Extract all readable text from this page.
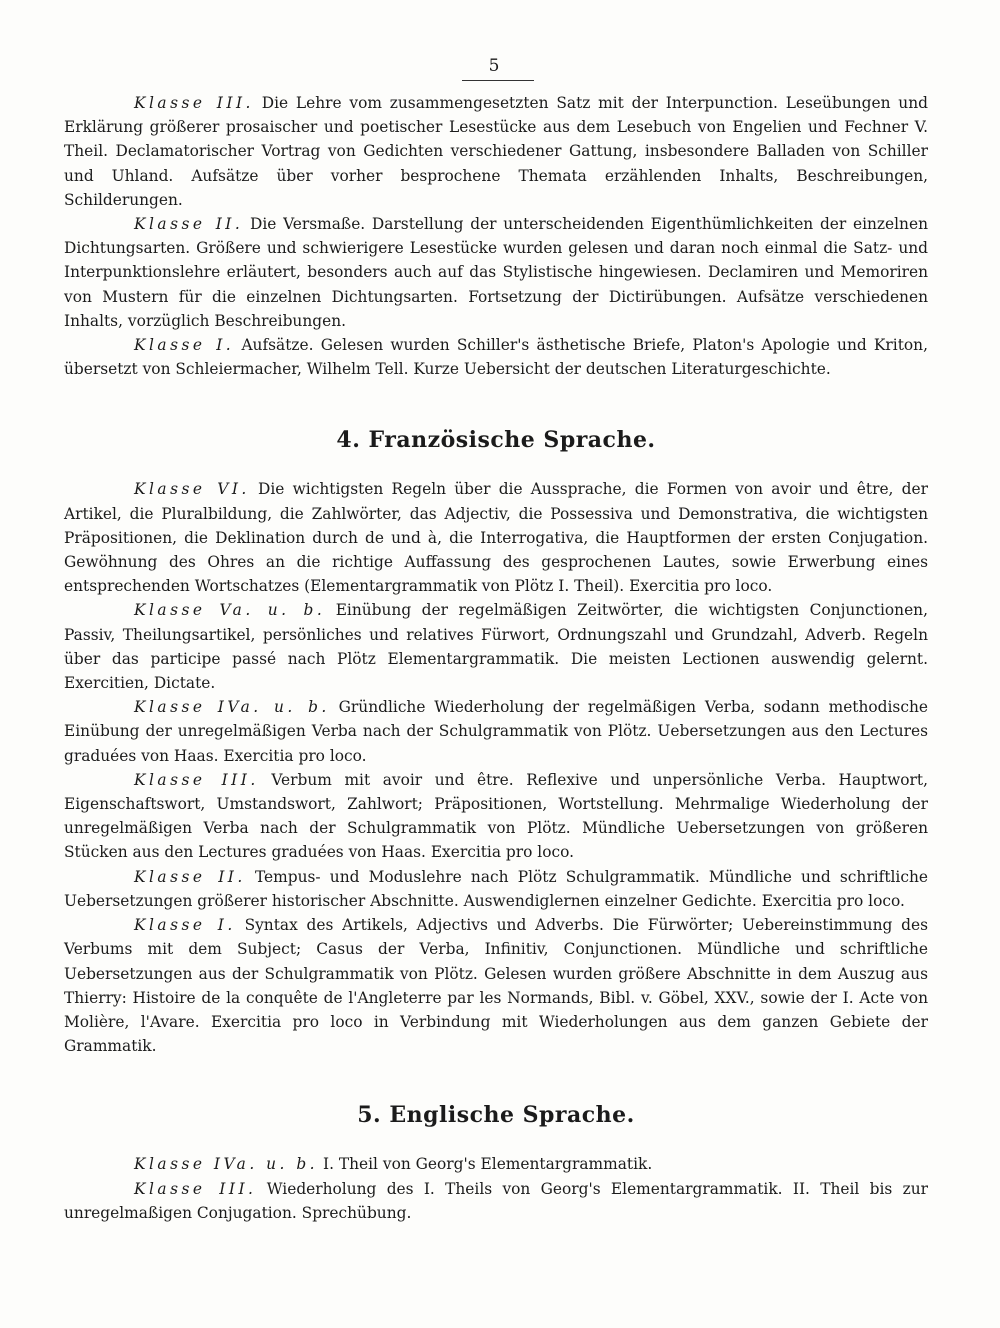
5

Klasse III. Die Lehre vom zusammengesetzten Satz mit der Interpunction. Leseübungen und Erklärung größerer prosaischer und poetischer Lesestücke aus dem Lesebuch von Engelien und Fechner V. Theil. Declamatorischer Vortrag von Gedichten verschiedener Gattung, insbesondere Balladen von Schiller und Uhland. Aufsätze über vorher besprochene Themata erzählenden Inhalts, Beschreibungen, Schilderungen.

Klasse II. Die Versmaße. Darstellung der unterscheidenden Eigenthümlichkeiten der einzelnen Dichtungsarten. Größere und schwierigere Lesestücke wurden gelesen und daran noch einmal die Satz- und Interpunktionslehre erläutert, besonders auch auf das Stylistische hingewiesen. Declamiren und Memoriren von Mustern für die einzelnen Dichtungsarten. Fortsetzung der Dictirübungen. Aufsätze verschiedenen Inhalts, vorzüglich Beschreibungen.

Klasse I. Aufsätze. Gelesen wurden Schiller's ästhetische Briefe, Platon's Apologie und Kriton, übersetzt von Schleiermacher, Wilhelm Tell. Kurze Uebersicht der deutschen Literaturgeschichte.

4. Französische Sprache.

Klasse VI. Die wichtigsten Regeln über die Aussprache, die Formen von avoir und être, der Artikel, die Pluralbildung, die Zahlwörter, das Adjectiv, die Possessiva und Demonstrativa, die wichtigsten Präpositionen, die Deklination durch de und à, die Interrogativa, die Hauptformen der ersten Conjugation. Gewöhnung des Ohres an die richtige Auffassung des gesprochenen Lautes, sowie Erwerbung eines entsprechenden Wortschatzes (Elementargrammatik von Plötz I. Theil). Exercitia pro loco.

Klasse Va. u. b. Einübung der regelmäßigen Zeitwörter, die wichtigsten Conjunctionen, Passiv, Theilungsartikel, persönliches und relatives Fürwort, Ordnungszahl und Grundzahl, Adverb. Regeln über das participe passé nach Plötz Elementargrammatik. Die meisten Lectionen auswendig gelernt. Exercitien, Dictate.

Klasse IVa. u. b. Gründliche Wiederholung der regelmäßigen Verba, sodann methodische Einübung der unregelmäßigen Verba nach der Schulgrammatik von Plötz. Uebersetzungen aus den Lectures graduées von Haas. Exercitia pro loco.

Klasse III. Verbum mit avoir und être. Reflexive und unpersönliche Verba. Hauptwort, Eigenschaftswort, Umstandswort, Zahlwort; Präpositionen, Wortstellung. Mehrmalige Wiederholung der unregelmäßigen Verba nach der Schulgrammatik von Plötz. Mündliche Uebersetzungen von größeren Stücken aus den Lectures graduées von Haas. Exercitia pro loco.

Klasse II. Tempus- und Moduslehre nach Plötz Schulgrammatik. Mündliche und schriftliche Uebersetzungen größerer historischer Abschnitte. Auswendiglernen einzelner Gedichte. Exercitia pro loco.

Klasse I. Syntax des Artikels, Adjectivs und Adverbs. Die Fürwörter; Uebereinstimmung des Verbums mit dem Subject; Casus der Verba, Infinitiv, Conjunctionen. Mündliche und schriftliche Uebersetzungen aus der Schulgrammatik von Plötz. Gelesen wurden größere Abschnitte in dem Auszug aus Thierry: Histoire de la conquête de l'Angleterre par les Normands, Bibl. v. Göbel, XXV., sowie der I. Acte von Molière, l'Avare. Exercitia pro loco in Verbindung mit Wiederholungen aus dem ganzen Gebiete der Grammatik.

5. Englische Sprache.

Klasse IVa. u. b. I. Theil von Georg's Elementargrammatik.

Klasse III. Wiederholung des I. Theils von Georg's Elementargrammatik. II. Theil bis zur unregelmaßigen Conjugation. Sprechübung.
